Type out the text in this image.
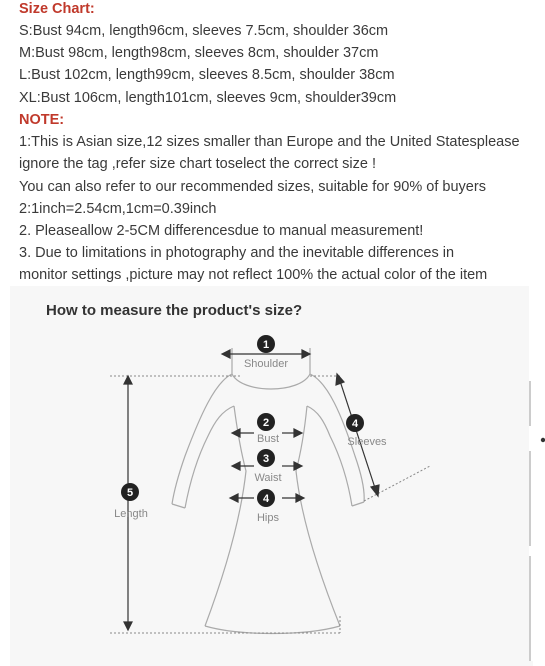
Size Chart:
S:Bust 94cm, length96cm, sleeves 7.5cm, shoulder 36cm
M:Bust 98cm, length98cm, sleeves 8cm, shoulder 37cm
L:Bust 102cm, length99cm, sleeves 8.5cm, shoulder 38cm
XL:Bust 106cm, length101cm, sleeves 9cm, shoulder39cm
NOTE:
1:This is Asian size,12 sizes smaller than Europe and the United Statesplease
ignore the tag ,refer size chart toselect the correct size !
You can also refer to our recommended sizes, suitable for 90% of buyers
2:1inch=2.54cm,1cm=0.39inch
2. Pleaseallow 2-5CM differencesdue to manual measurement!
3. Due to limitations in photography and the inevitable differences in
monitor settings ,picture may not reflect 100% the actual color of the item
How to measure the product's size?
1
2
3
4
4
5
Shoulder
Bust
Waist
Hips
Sleeves
Length
